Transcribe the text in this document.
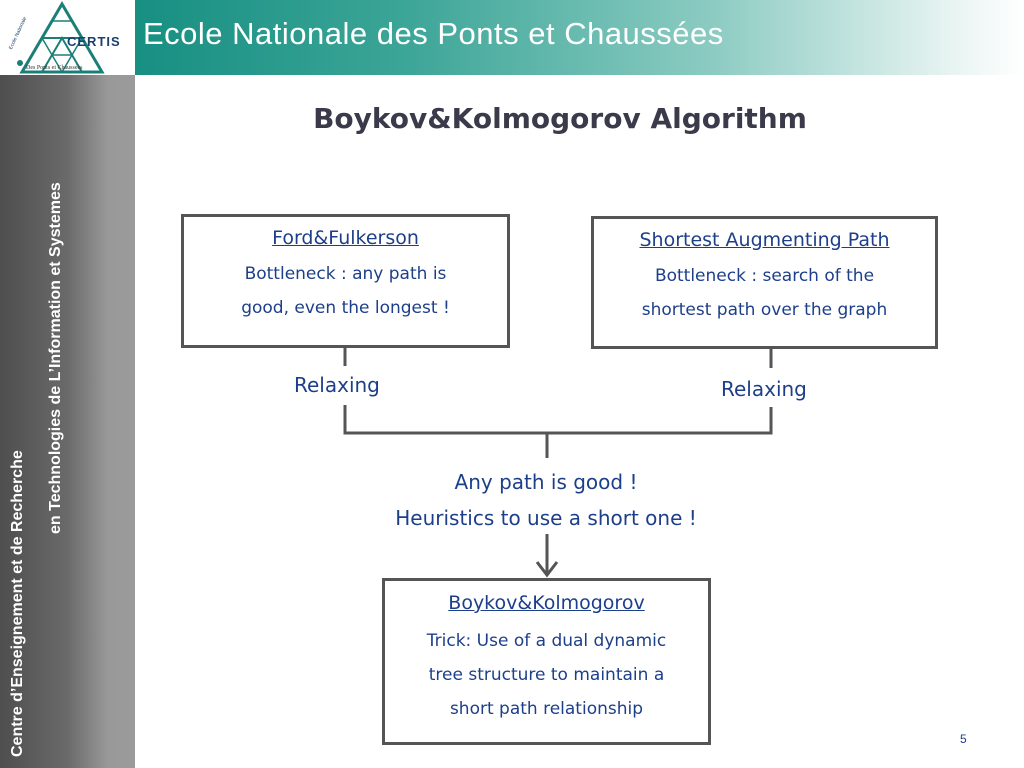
CERTIS
Des Ponts et Chaussées
Ecole Nationale	Ecole Nationale des Ponts et Chaussées

Centre d’Enseignement et de Recherche

en Technologies de L’Information et Systemes

Boykov&Kolmogorov Algorithm
Ford&Fulkerson
Bottleneck : any path is
good, even the longest !
Shortest Augmenting Path
Bottleneck : search of the
shortest path over the graph

Relaxing	Relaxing

Any path is good !
Heuristics to use a short one !
Boykov&Kolmogorov
Trick: Use of a dual dynamic
tree structure to maintain a
short path relationship
5
